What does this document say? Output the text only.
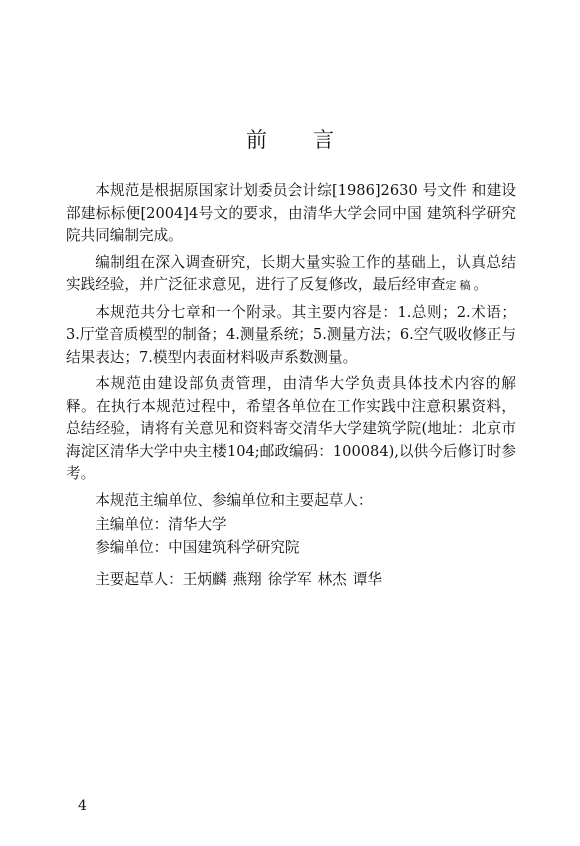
前 言

本规范是根据原国家计划委员会计综[1986]2630 号文件 和建设部建标标便[2004]4号文的要求，由清华大学会同中国 建筑科学研究院共同编制完成。

编制组在深入调查研究，长期大量实验工作的基础上，认真总结实践经验，并广泛征求意见，进行了反复修改，最后经审查定稿。

本规范共分七章和一个附录。其主要内容是：1.总则；2.术语；3.厅堂音质模型的制备；4.测量系统；5.测量方法；6.空气吸收修正与结果表达；7.模型内表面材料吸声系数测量。

本规范由建设部负责管理，由清华大学负责具体技术内容的解释。在执行本规范过程中，希望各单位在工作实践中注意积累资料，总结经验，请将有关意见和资料寄交清华大学建筑学院(地址：北京市海淀区清华大学中央主楼104;邮政编码：100084),以供今后修订时参考。

本规范主编单位、参编单位和主要起草人：

主编单位：清华大学

参编单位：中国建筑科学研究院

主要起草人：王炳麟 燕翔 徐学军 林杰 谭华

4
